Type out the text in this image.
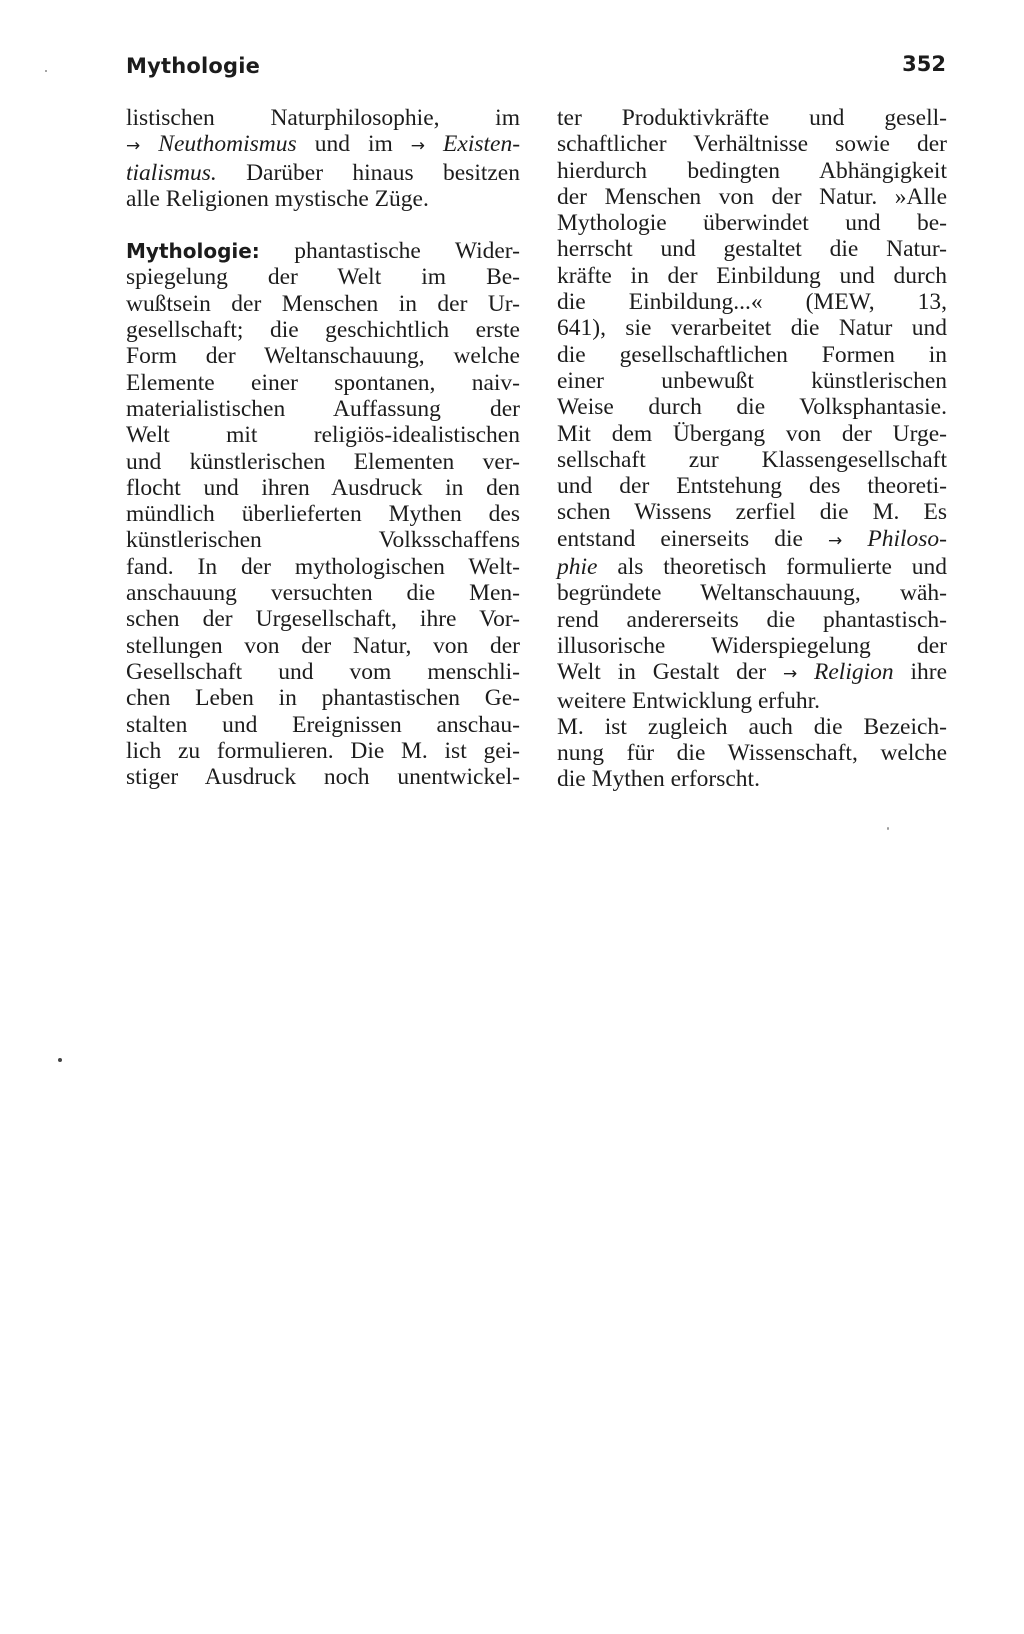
Mythologie	352
listischen Naturphilosophie, im
→ Neuthomismus und im → Existen-
tialismus. Darüber hinaus besitzen
alle Religionen mystische Züge.
Mythologie: phantastische Wider-
spiegelung der Welt im Be-
wußtsein der Menschen in der Ur-
gesellschaft; die geschichtlich erste
Form der Weltanschauung, welche
Elemente einer spontanen, naiv-
materialistischen Auffassung der
Welt mit religiös-idealistischen
und künstlerischen Elementen ver-
flocht und ihren Ausdruck in den
mündlich überlieferten Mythen des
künstlerischen Volksschaffens
fand. In der mythologischen Welt-
anschauung versuchten die Men-
schen der Urgesellschaft, ihre Vor-
stellungen von der Natur, von der
Gesellschaft und vom menschli-
chen Leben in phantastischen Ge-
stalten und Ereignissen anschau-
lich zu formulieren. Die M. ist gei-
stiger Ausdruck noch unentwickel-
ter Produktivkräfte und gesell-
schaftlicher Verhältnisse sowie der
hierdurch bedingten Abhängigkeit
der Menschen von der Natur. »Alle
Mythologie überwindet und be-
herrscht und gestaltet die Natur-
kräfte in der Einbildung und durch
die Einbildung...« (MEW, 13,
641), sie verarbeitet die Natur und
die gesellschaftlichen Formen in
einer unbewußt künstlerischen
Weise durch die Volksphantasie.
Mit dem Übergang von der Urge-
sellschaft zur Klassengesellschaft
und der Entstehung des theoreti-
schen Wissens zerfiel die M. Es
entstand einerseits die → Philoso-
phie als theoretisch formulierte und
begründete Weltanschauung, wäh-
rend andererseits die phantastisch-
illusorische Widerspiegelung der
Welt in Gestalt der → Religion ihre
weitere Entwicklung erfuhr.
M. ist zugleich auch die Bezeich-
nung für die Wissenschaft, welche
die Mythen erforscht.
